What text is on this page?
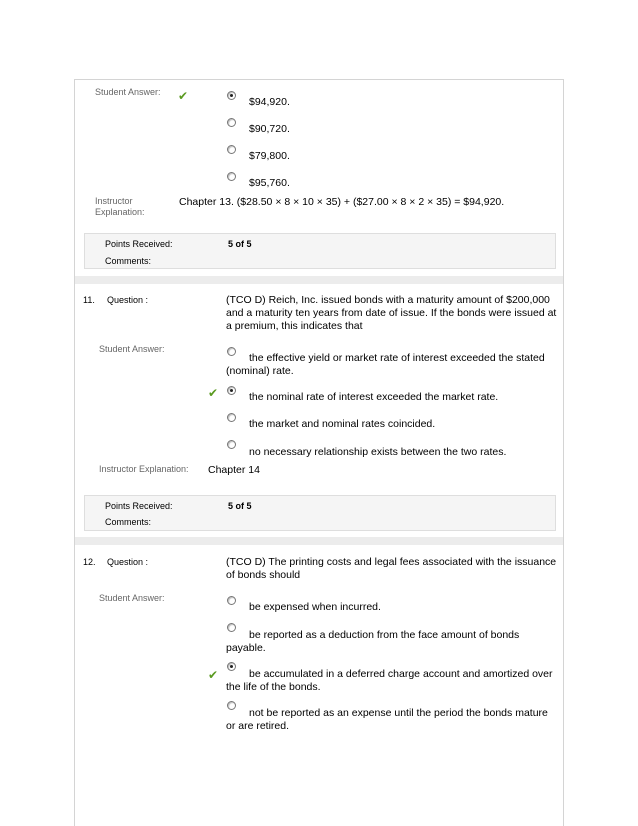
Student Answer: ✔	$94,920.
$90,720.
$79,800.
$95,760.
Instructor
Explanation:
Chapter 13. ($28.50 × 8 × 10 × 35) + ($27.00 × 8 × 2 × 35) = $94,920.
Points Received:	5 of 5
Comments:
11. Question :	(TCO D) Reich, Inc. issued bonds with a maturity amount of $200,000
and a maturity ten years from date of issue. If the bonds were issued at
a premium, this indicates that
Student Answer:
the effective yield or market rate of interest exceeded the stated
(nominal) rate.
✔	the nominal rate of interest exceeded the market rate.
the market and nominal rates coincided.
no necessary relationship exists between the two rates.
Instructor Explanation: Chapter 14
Points Received:	5 of 5
Comments:
12. Question :	(TCO D) The printing costs and legal fees associated with the issuance
of bonds should
Student Answer:
be expensed when incurred.
be reported as a deduction from the face amount of bonds
payable.
✔	be accumulated in a deferred charge account and amortized over
the life of the bonds.
not be reported as an expense until the period the bonds mature
or are retired.
